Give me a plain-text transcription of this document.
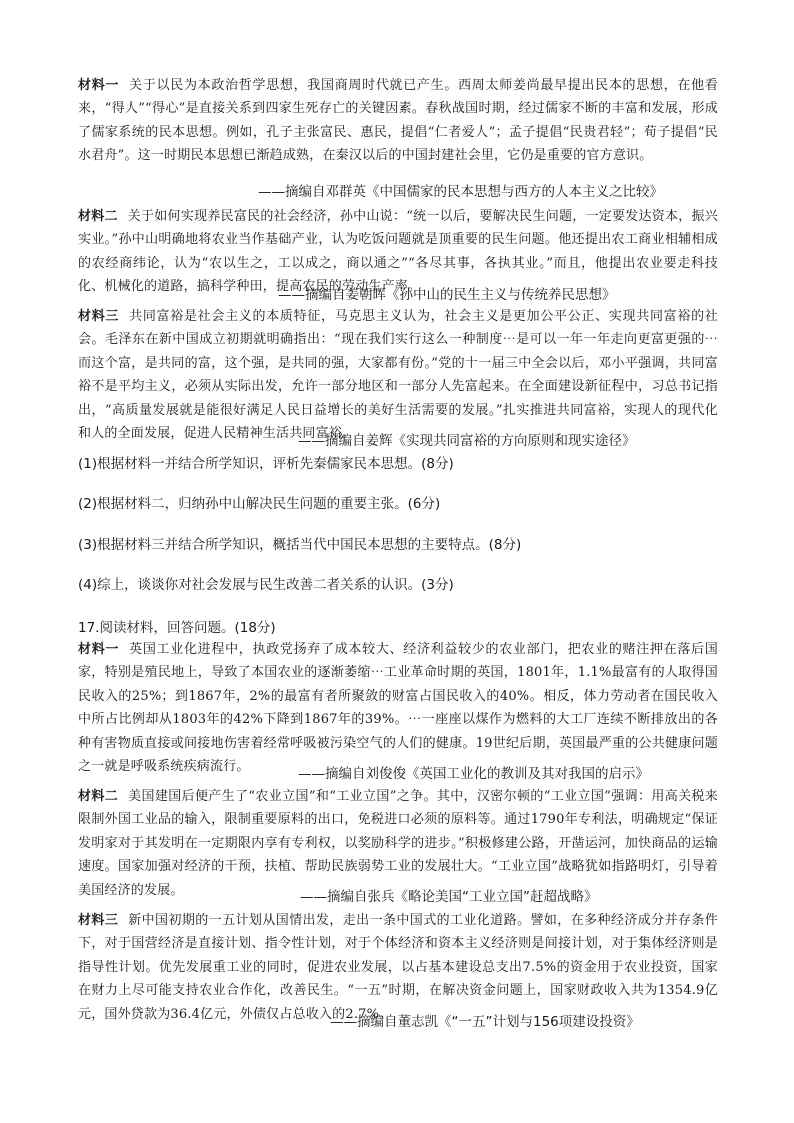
材料一 关于以民为本政治哲学思想，我国商周时代就已产生。西周太师姜尚最早提出民本的思想，在他看来，“得人”“得心”是直接关系到四家生死存亡的关键因素。春秋战国时期，经过儒家不断的丰富和发展，形成了儒家系统的民本思想。例如，孔子主张富民、惠民，提倡“仁者爱人”；孟子提倡“民贵君轻”；荀子提倡“民水君舟”。这一时期民本思想已渐趋成熟，在秦汉以后的中国封建社会里，它仍是重要的官方意识。
——摘编自邓群英《中国儒家的民本思想与西方的人本主义之比较》
材料二 关于如何实现养民富民的社会经济，孙中山说：“统一以后，要解决民生问题，一定要发达资本，振兴实业。”孙中山明确地将农业当作基础产业，认为吃饭问题就是顶重要的民生问题。他还提出农工商业相辅相成的农经商纬论，认为“农以生之，工以成之，商以通之”“各尽其事，各执其业。”而且，他提出农业要走科技化、机械化的道路，搞科学种田，提高农民的劳动生产率。
——摘编自姜朝晖《孙中山的民生主义与传统养民思想》
材料三 共同富裕是社会主义的本质特征，马克思主义认为，社会主义是更加公平公正、实现共同富裕的社会。毛泽东在新中国成立初期就明确指出：“现在我们实行这么一种制度⋯是可以一年一年走向更富更强的⋯而这个富，是共同的富，这个强，是共同的强，大家都有份。”党的十一届三中全会以后，邓小平强调，共同富裕不是平均主义，必须从实际出发，允许一部分地区和一部分人先富起来。在全面建设新征程中，习总书记指出，“高质量发展就是能很好满足人民日益增长的美好生活需要的发展。”扎实推进共同富裕，实现人的现代化和人的全面发展，促进人民精神生活共同富裕。
——摘编自姜辉《实现共同富裕的方向原则和现实途径》
(1)根据材料一并结合所学知识，评析先秦儒家民本思想。(8分)
(2)根据材料二，归纳孙中山解决民生问题的重要主张。(6分)
(3)根据材料三并结合所学知识，概括当代中国民本思想的主要特点。(8分)
(4)综上，谈谈你对社会发展与民生改善二者关系的认识。(3分)
17.阅读材料，回答问题。(18分)
材料一 英国工业化进程中，执政党扬弃了成本较大、经济利益较少的农业部门，把农业的赌注押在落后国家，特别是殖民地上，导致了本国农业的逐渐萎缩⋯工业革命时期的英国，1801年，1.1%最富有的人取得国民收入的25%；到1867年，2%的最富有者所聚敛的财富占国民收入的40%。相反，体力劳动者在国民收入中所占比例却从1803年的42%下降到1867年的39%。⋯一座座以煤作为燃料的大工厂连续不断排放出的各种有害物质直接或间接地伤害着经常呼吸被污染空气的人们的健康。19世纪后期，英国最严重的公共健康问题之一就是呼吸系统疾病流行。	——摘编自刘俊俊《英国工业化的教训及其对我国的启示》
材料二 美国建国后便产生了“农业立国”和“工业立国”之争。其中，汉密尔顿的“工业立国”强调：用高关税来限制外国工业品的输入，限制重要原料的出口，免税进口必须的原料等。通过1790年专利法，明确规定“保证发明家对于其发明在一定期限内享有专利权，以奖励科学的进步。”积极修建公路，开凿运河，加快商品的运输速度。国家加强对经济的干预，扶植、帮助民族弱势工业的发展壮大。“工业立国”战略犹如指路明灯，引导着美国经济的发展。	——摘编自张兵《略论美国“工业立国”赶超战略》
材料三 新中国初期的一五计划从国情出发，走出一条中国式的工业化道路。譬如，在多种经济成分并存条件下，对于国营经济是直接计划、指令性计划，对于个体经济和资本主义经济则是间接计划，对于集体经济则是指导性计划。优先发展重工业的同时，促进农业发展，以占基本建设总支出7.5%的资金用于农业投资，国家在财力上尽可能支持农业合作化，改善民生。“一五”时期，在解决资金问题上，国家财政收入共为1354.9亿元，国外贷款为36.4亿元，外债仅占总收入的2.7%。
——摘编自董志凯《“一五”计划与156项建设投资》
